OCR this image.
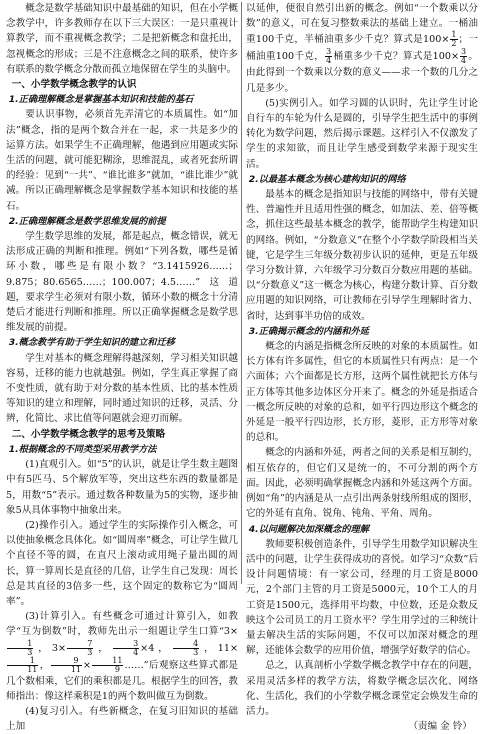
概念是数学基础知识中最基础的知识，但在小学概念教学中，许多教师存在以下三大误区：一是只重视计算教学，而不重视概念教学；二是把新概念和盘托出，忽视概念的形成；三是不注意概念之间的联系，使许多有联系的数学概念分散而孤立地保留在学生的头脑中。

一、小学数学概念教学的认识
1.正确理解概念是掌握基本知识和技能的基石

要认识事物，必须首先弄清它的本质属性。如“加法”概念，指的是两个数合并在一起，求一共是多少的运算方法。如果学生不正确理解，他遇到应用题或实际生活的问题，就可能犯糊涂，思维混乱，或者死套所谓的经验：见到“一共”、“谁比谁多”就加，“谁比谁少”就减。所以正确理解概念是掌握数学基本知识和技能的基石。

2.正确理解概念是数学思维发展的前提

学生数学思维的发展，都是起点，概念错误，就无法形成正确的判断和推理。例如“下列各数，哪些是循环小数，哪些是有限小数？“3.1415926……；9.875；80.6565……；100.007；4.5……”这道题，要求学生必须对有限小数，循环小数的概念十分清楚后才能进行判断和推理。所以正确掌握概念是数学思维发展的前提。

3.概念教学有助于学生知识的建立和迁移

学生对基本的概念理解得越深刻，学习相关知识越容易，迁移的能力也就越强。例如，学生真正掌握了商不变性质，就有助于对分数的基本性质、比的基本性质等知识的建立和理解，同时通过知识的迁移，灵活、分辨，化简比、求比值等问题就会迎刃而解。

二、小学数学概念教学的思考及策略
1.根据概念的不同类型采用教学方法

(1)直观引入。如“5”的认识，就是让学生数主题图中有5匹马、5个解放军等，突出这些东西的数量都是5，用数“5”表示。通过数各种数量为5的实物，逐步抽象5从具体事物中抽象出来。

(2)操作引入。通过学生的实际操作引入概念，可以使抽象概念具体化。如“圆周率”概念，可让学生做几个直径不等的圆，在直尺上滚动或用绳子量出圆的周长，算一算周长是直径的几倍，让学生自己发现：周长总是其直径的3倍多一些，这个固定的数称它为“圆周率”。

(3)计算引入。有些概念可通过计算引入，如教学“互为倒数”时，教师先出示一组题让学生口算“3×
$\frac{1}{3}$ ，$3\times \frac{7}{3}$ ， $\frac{3}{4} \times 4$， $\frac{4}{3}$ ，11×
$\frac{1}{11}$ ， $\frac{9}{11} \times \frac{11}{9}$ ……”后观察这些算式都是几个数相乘，它们的乘积都是几。根据学生的回答，教师指出：像这样乘积是1的两个数叫做互为倒数。

(4)复习引入。有些新概念，在复习旧知识的基础上加

以延伸，便很自然引出新的概念。例如“一个数乘以分数”的意义，可在复习整数乘法的基础上建立。一桶油重100千克，半桶油重多少千克？算式是$100\times \frac{1}{2}$ ；一桶油重100千克， $\frac{3}{4}$ 桶重多少千克？算式是$100\times \frac{3}{4}$ 。由此得到一个数乘以分数的意义——求一个数的几分之几是多少。

(5)实例引入。如学习圆的认识时，先让学生讨论自行车的车轮为什么是圆的，引导学生把生活中的事例转化为数学问题，然后揭示课题。这样引入不仅激发了学生的求知欲，而且让学生感受到数学来源于现实生活。

2.以最基本概念为核心建构知识的网络

最基本的概念是指知识与技能的网络中，带有关键性、普遍性并且适用性强的概念，如加法、差、倍等概念，抓住这些最基本概念的教学，能帮助学生构建知识的网络。例如，“分数意义”在整个小学数学阶段相当关键，它是学生三年级分数初步认识的延伸，更是五年级学习分数计算，六年级学习分数百分数应用题的基础。以“分数意义”这一概念为核心，构建分数计算、百分数应用题的知识网络，可让教师在引导学生理解时省力、省时，达到事半功倍的成效。

3.正确揭示概念的内涵和外延

概念的内涵是指概念所反映的对象的本质属性。如长方体有许多属性，但它的本质属性只有两点：是一个六面体；六个面都是长方形，这两个属性就把长方体与正方体等其他多边体区分开来了。概念的外延是指适合一概念所反映的对象的总和，如平行四边形这个概念的外延是一般平行四边形，长方形，菱形，正方形等对象的总和。

概念的内涵和外延，两者之间的关系是相互制约，相互依存的，但它们又是统一的，不可分割的两个方面。因此，必须明确掌握概念内涵和外延这两个方面。例如“角”的内涵是从一点引出两条射线所组成的图形，它的外延有直角、锐角、钝角、平角、周角。

4.以问题解决加深概念的理解

教师要积极创造条件，引导学生用数学知识解决生活中的问题，让学生获得成功的喜悦。如学习“众数”后设计问题情境：有一家公司，经理的月工资是8000元，2个部门主管的月工资是5000元，10个工人的月工资是1500元，选择用平均数，中位数，还是众数反映这个公司员工的月工资水平？学生用学过的三种统计量去解决生活的实际问题，不仅可以加深对概念的理解，还能体会数学的应用价值，增强学好数学的信心。

总之，认真剖析小学数学概念教学中存在的问题，采用灵活多样的教学方法，将数学概念层次化、网络化、生活化，我们的小学数学概念课堂定会焕发生命的活力。

（责编 金 铃）
